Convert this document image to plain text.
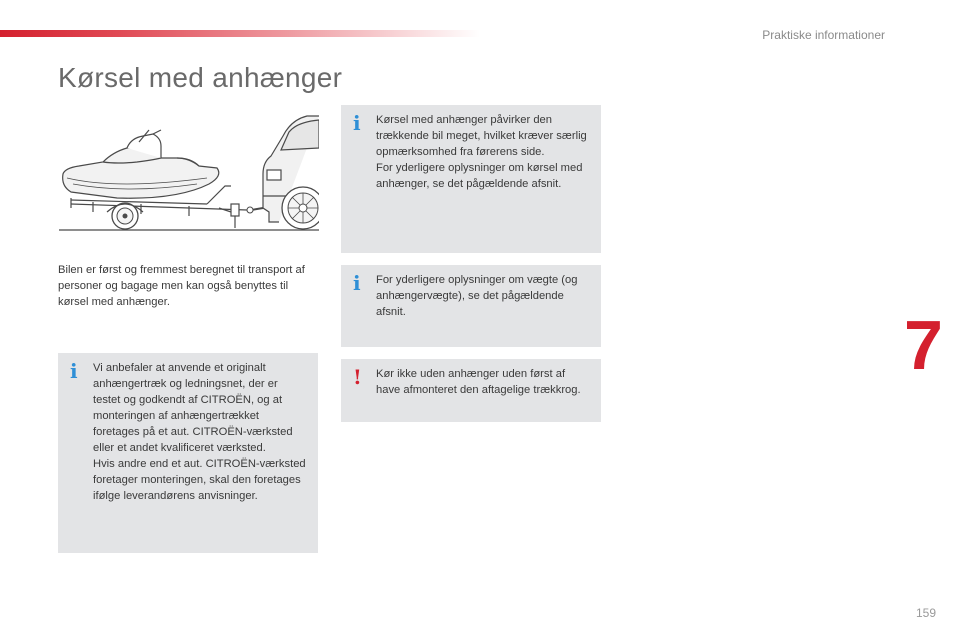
Praktiske informationer
Kørsel med anhænger
Bilen er først og fremmest beregnet til transport af personer og bagage men kan også benyttes til kørsel med anhænger.
i	Vi anbefaler at anvende et originalt anhængertræk og ledningsnet, der er testet og godkendt af CITROËN, og at monteringen af anhængertrækket foretages på et aut. CITROËN-værksted eller et andet kvalificeret værksted.

Hvis andre end et aut. CITROËN-værksted foretager monteringen, skal den foretages ifølge leverandørens anvisninger.

i	Kørsel med anhænger påvirker den trækkende bil meget, hvilket kræver særlig opmærksomhed fra førerens side.

For yderligere oplysninger om kørsel med anhænger, se det pågældende afsnit.

i	For yderligere oplysninger om vægte (og anhængervægte), se det pågældende afsnit.

! Kør ikke uden anhænger uden først af have afmonteret den aftagelige trækkrog.

7
159
